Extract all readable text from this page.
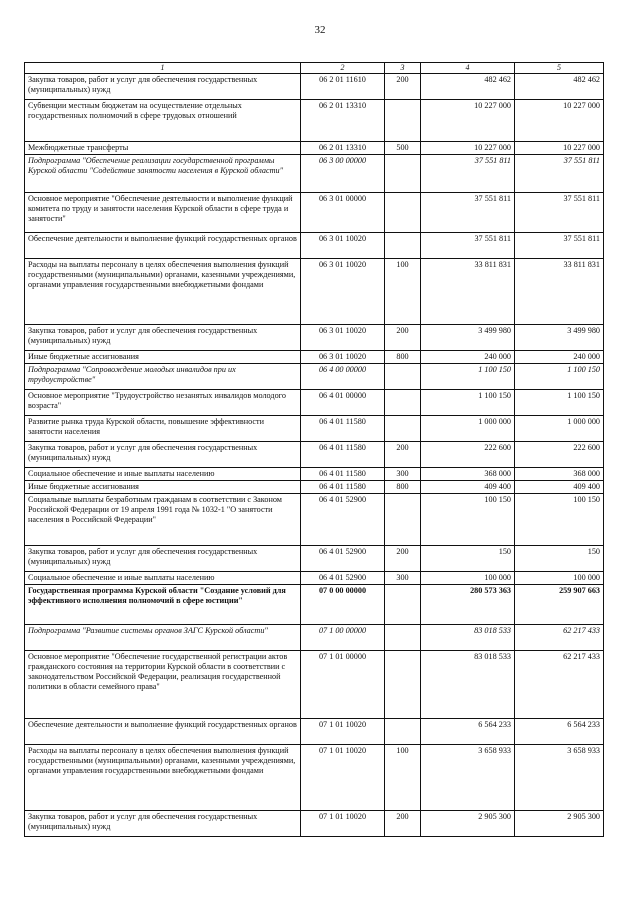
32
1	2	3	4	5
Закупка товаров, работ и услуг для обеспечения государственных (муниципальных) нужд	06 2 01 11610	200	482 462	482 462
Субвенции местным бюджетам на осуществление отдельных государственных полномочий в сфере трудовых отношений	06 2 01 13310		10 227 000	10 227 000
Межбюджетные трансферты	06 2 01 13310	500	10 227 000	10 227 000
Подпрограмма "Обеспечение реализации государственной программы Курской области "Содействие занятости населения в Курской области"	06 3 00 00000		37 551 811	37 551 811
Основное мероприятие "Обеспечение деятельности и выполнение функций комитета по труду и занятости населения Курской области в сфере труда и занятости"	06 3 01 00000		37 551 811	37 551 811
Обеспечение деятельности и выполнение функций государственных органов	06 3 01 10020		37 551 811	37 551 811
Расходы на выплаты персоналу в целях обеспечения выполнения функций государственными (муниципальными) органами, казенными учреждениями, органами управления государственными внебюджетными фондами	06 3 01 10020	100	33 811 831	33 811 831
Закупка товаров, работ и услуг для обеспечения государственных (муниципальных) нужд	06 3 01 10020	200	3 499 980	3 499 980
Иные бюджетные ассигнования	06 3 01 10020	800	240 000	240 000
Подпрограмма "Сопровождение молодых инвалидов при их трудоустройстве"	06 4 00 00000		1 100 150	1 100 150
Основное мероприятие "Трудоустройство незанятых инвалидов молодого возраста"	06 4 01 00000		1 100 150	1 100 150
Развитие рынка труда Курской области, повышение эффективности занятости населения	06 4 01 11580		1 000 000	1 000 000
Закупка товаров, работ и услуг для обеспечения государственных (муниципальных) нужд	06 4 01 11580	200	222 600	222 600
Социальное обеспечение и иные выплаты населению	06 4 01 11580	300	368 000	368 000
Иные бюджетные ассигнования	06 4 01 11580	800	409 400	409 400
Социальные выплаты безработным гражданам в соответствии с Законом Российской Федерации от 19 апреля 1991 года № 1032-1 "О занятости населения в Российской Федерации"	06 4 01 52900		100 150	100 150
Закупка товаров, работ и услуг для обеспечения государственных (муниципальных) нужд	06 4 01 52900	200	150	150
Социальное обеспечение и иные выплаты населению	06 4 01 52900	300	100 000	100 000
Государственная программа Курской области "Создание условий для эффективного исполнения полномочий в сфере юстиции"	07 0 00 00000		280 573 363	259 907 663
Подпрограмма "Развитие системы органов ЗАГС Курской области"	07 1 00 00000		83 018 533	62 217 433
Основное мероприятие "Обеспечение государственной регистрации актов гражданского состояния на территории Курской области в соответствии с законодательством Российской Федерации, реализация государственной политики в области семейного права"	07 1 01 00000		83 018 533	62 217 433
Обеспечение деятельности и выполнение функций государственных органов	07 1 01 10020		6 564 233	6 564 233
Расходы на выплаты персоналу в целях обеспечения выполнения функций государственными (муниципальными) органами, казенными учреждениями, органами управления государственными внебюджетными фондами	07 1 01 10020	100	3 658 933	3 658 933
Закупка товаров, работ и услуг для обеспечения государственных (муниципальных) нужд	07 1 01 10020	200	2 905 300	2 905 300
